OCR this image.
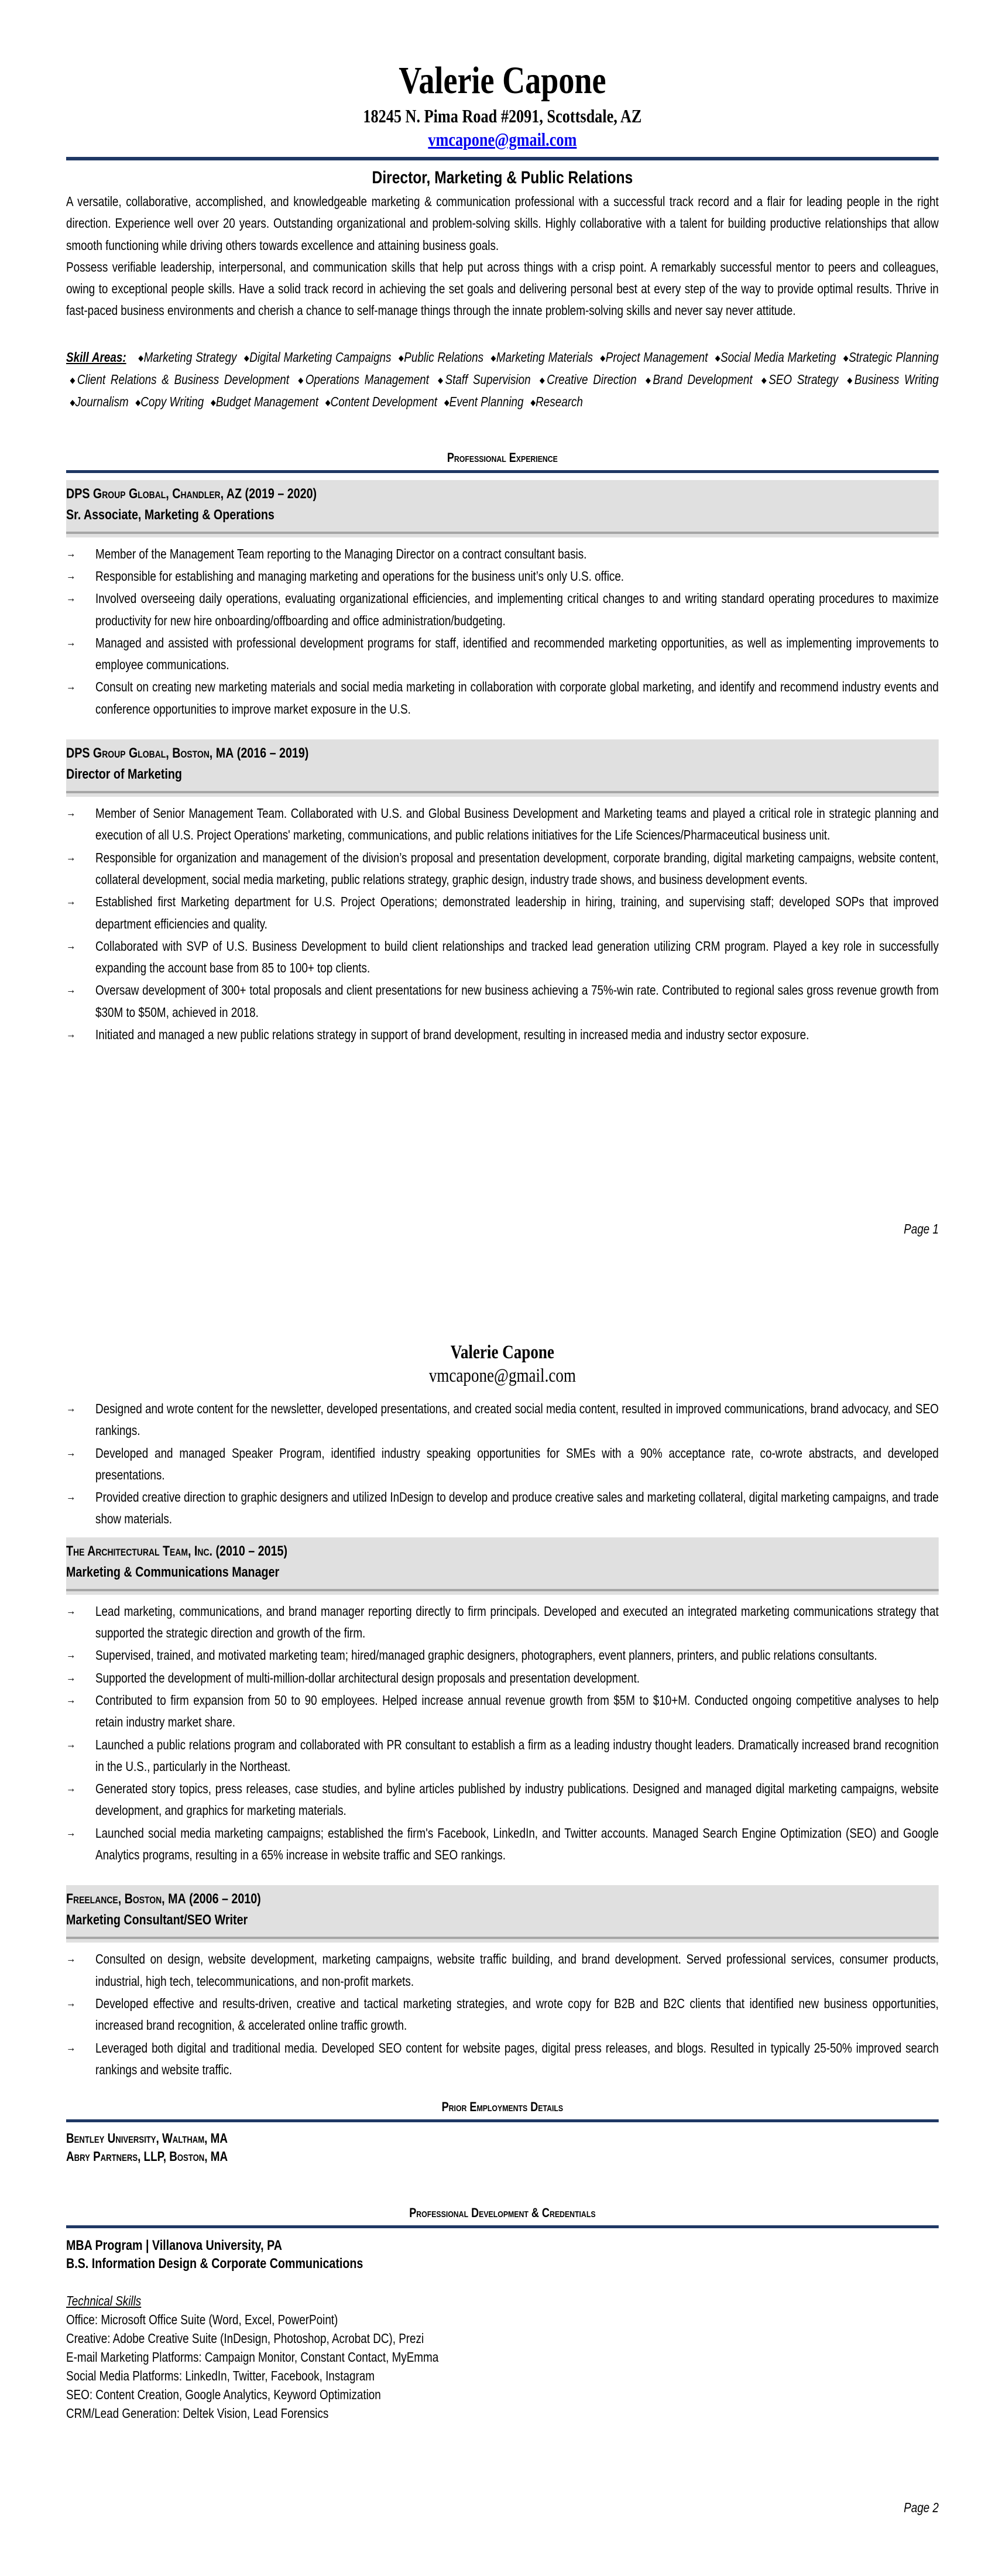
Valerie Capone
18245 N. Pima Road #2091, Scottsdale, AZ
vmcapone@gmail.com
Director, Marketing & Public Relations

A versatile, collaborative, accomplished, and knowledgeable marketing & communication professional with a successful track record and a flair for leading people in the right direction. Experience well over 20 years. Outstanding organizational and problem-solving skills. Highly collaborative with a talent for building productive relationships that allow smooth functioning while driving others towards excellence and attaining business goals.

Possess verifiable leadership, interpersonal, and communication skills that help put across things with a crisp point. A remarkably successful mentor to peers and colleagues, owing to exceptional people skills. Have a solid track record in achieving the set goals and delivering personal best at every step of the way to provide optimal results. Thrive in fast-paced business environments and cherish a chance to self-manage things through the innate problem-solving skills and never say never attitude.

Skill Areas: ◆Marketing Strategy ◆Digital Marketing Campaigns ◆Public Relations ◆Marketing Materials ◆Project Management ◆Social Media Marketing ◆Strategic Planning ◆Client Relations & Business Development ◆Operations Management ◆Staff Supervision ◆Creative Direction ◆Brand Development ◆SEO Strategy ◆Business Writing ◆Journalism ◆Copy Writing ◆Budget Management ◆Content Development ◆Event Planning ◆Research
Professional Experience
DPS Group Global, Chandler, AZ (2019 – 2020)
Sr. Associate, Marketing & Operations
→ Member of the Management Team reporting to the Managing Director on a contract consultant basis.
→ Responsible for establishing and managing marketing and operations for the business unit’s only U.S. office.
→ Involved overseeing daily operations, evaluating organizational efficiencies, and implementing critical changes to and writing standard operating procedures to maximize productivity for new hire onboarding/offboarding and office administration/budgeting.
→ Managed and assisted with professional development programs for staff, identified and recommended marketing opportunities, as well as implementing improvements to employee communications.
→ Consult on creating new marketing materials and social media marketing in collaboration with corporate global marketing, and identify and recommend industry events and conference opportunities to improve market exposure in the U.S.
DPS Group Global, Boston, MA (2016 – 2019)
Director of Marketing
→ Member of Senior Management Team. Collaborated with U.S. and Global Business Development and Marketing teams and played a critical role in strategic planning and execution of all U.S. Project Operations' marketing, communications, and public relations initiatives for the Life Sciences/Pharmaceutical business unit.
→ Responsible for organization and management of the division’s proposal and presentation development, corporate branding, digital marketing campaigns, website content, collateral development, social media marketing, public relations strategy, graphic design, industry trade shows, and business development events.
→ Established first Marketing department for U.S. Project Operations; demonstrated leadership in hiring, training, and supervising staff; developed SOPs that improved department efficiencies and quality.
→ Collaborated with SVP of U.S. Business Development to build client relationships and tracked lead generation utilizing CRM program. Played a key role in successfully expanding the account base from 85 to 100+ top clients.
→ Oversaw development of 300+ total proposals and client presentations for new business achieving a 75%-win rate. Contributed to regional sales gross revenue growth from $30M to $50M, achieved in 2018.
→ Initiated and managed a new public relations strategy in support of brand development, resulting in increased media and industry sector exposure.
Page 1
Valerie Capone
vmcapone@gmail.com
→ Designed and wrote content for the newsletter, developed presentations, and created social media content, resulted in improved communications, brand advocacy, and SEO rankings.
→ Developed and managed Speaker Program, identified industry speaking opportunities for SMEs with a 90% acceptance rate, co-wrote abstracts, and developed presentations.
→ Provided creative direction to graphic designers and utilized InDesign to develop and produce creative sales and marketing collateral, digital marketing campaigns, and trade show materials.
The Architectural Team, Inc. (2010 – 2015)
Marketing & Communications Manager
→ Lead marketing, communications, and brand manager reporting directly to firm principals. Developed and executed an integrated marketing communications strategy that supported the strategic direction and growth of the firm.
→ Supervised, trained, and motivated marketing team; hired/managed graphic designers, photographers, event planners, printers, and public relations consultants.
→ Supported the development of multi-million-dollar architectural design proposals and presentation development.
→ Contributed to firm expansion from 50 to 90 employees. Helped increase annual revenue growth from $5M to $10+M. Conducted ongoing competitive analyses to help retain industry market share.
→ Launched a public relations program and collaborated with PR consultant to establish a firm as a leading industry thought leaders. Dramatically increased brand recognition in the U.S., particularly in the Northeast.
→ Generated story topics, press releases, case studies, and byline articles published by industry publications. Designed and managed digital marketing campaigns, website development, and graphics for marketing materials.
→ Launched social media marketing campaigns; established the firm's Facebook, LinkedIn, and Twitter accounts. Managed Search Engine Optimization (SEO) and Google Analytics programs, resulting in a 65% increase in website traffic and SEO rankings.
Freelance, Boston, MA (2006 – 2010)
Marketing Consultant/SEO Writer
→ Consulted on design, website development, marketing campaigns, website traffic building, and brand development. Served professional services, consumer products, industrial, high tech, telecommunications, and non-profit markets.
→ Developed effective and results-driven, creative and tactical marketing strategies, and wrote copy for B2B and B2C clients that identified new business opportunities, increased brand recognition, & accelerated online traffic growth.
→ Leveraged both digital and traditional media. Developed SEO content for website pages, digital press releases, and blogs. Resulted in typically 25-50% improved search rankings and website traffic.
Prior Employments Details
Bentley University, Waltham, MA
Abry Partners, LLP, Boston, MA
Professional Development & Credentials
MBA Program | Villanova University, PA
B.S. Information Design & Corporate Communications
Technical Skills
Office: Microsoft Office Suite (Word, Excel, PowerPoint)
Creative: Adobe Creative Suite (InDesign, Photoshop, Acrobat DC), Prezi
E-mail Marketing Platforms: Campaign Monitor, Constant Contact, MyEmma
Social Media Platforms: LinkedIn, Twitter, Facebook, Instagram
SEO: Content Creation, Google Analytics, Keyword Optimization
CRM/Lead Generation: Deltek Vision, Lead Forensics
Page 2
